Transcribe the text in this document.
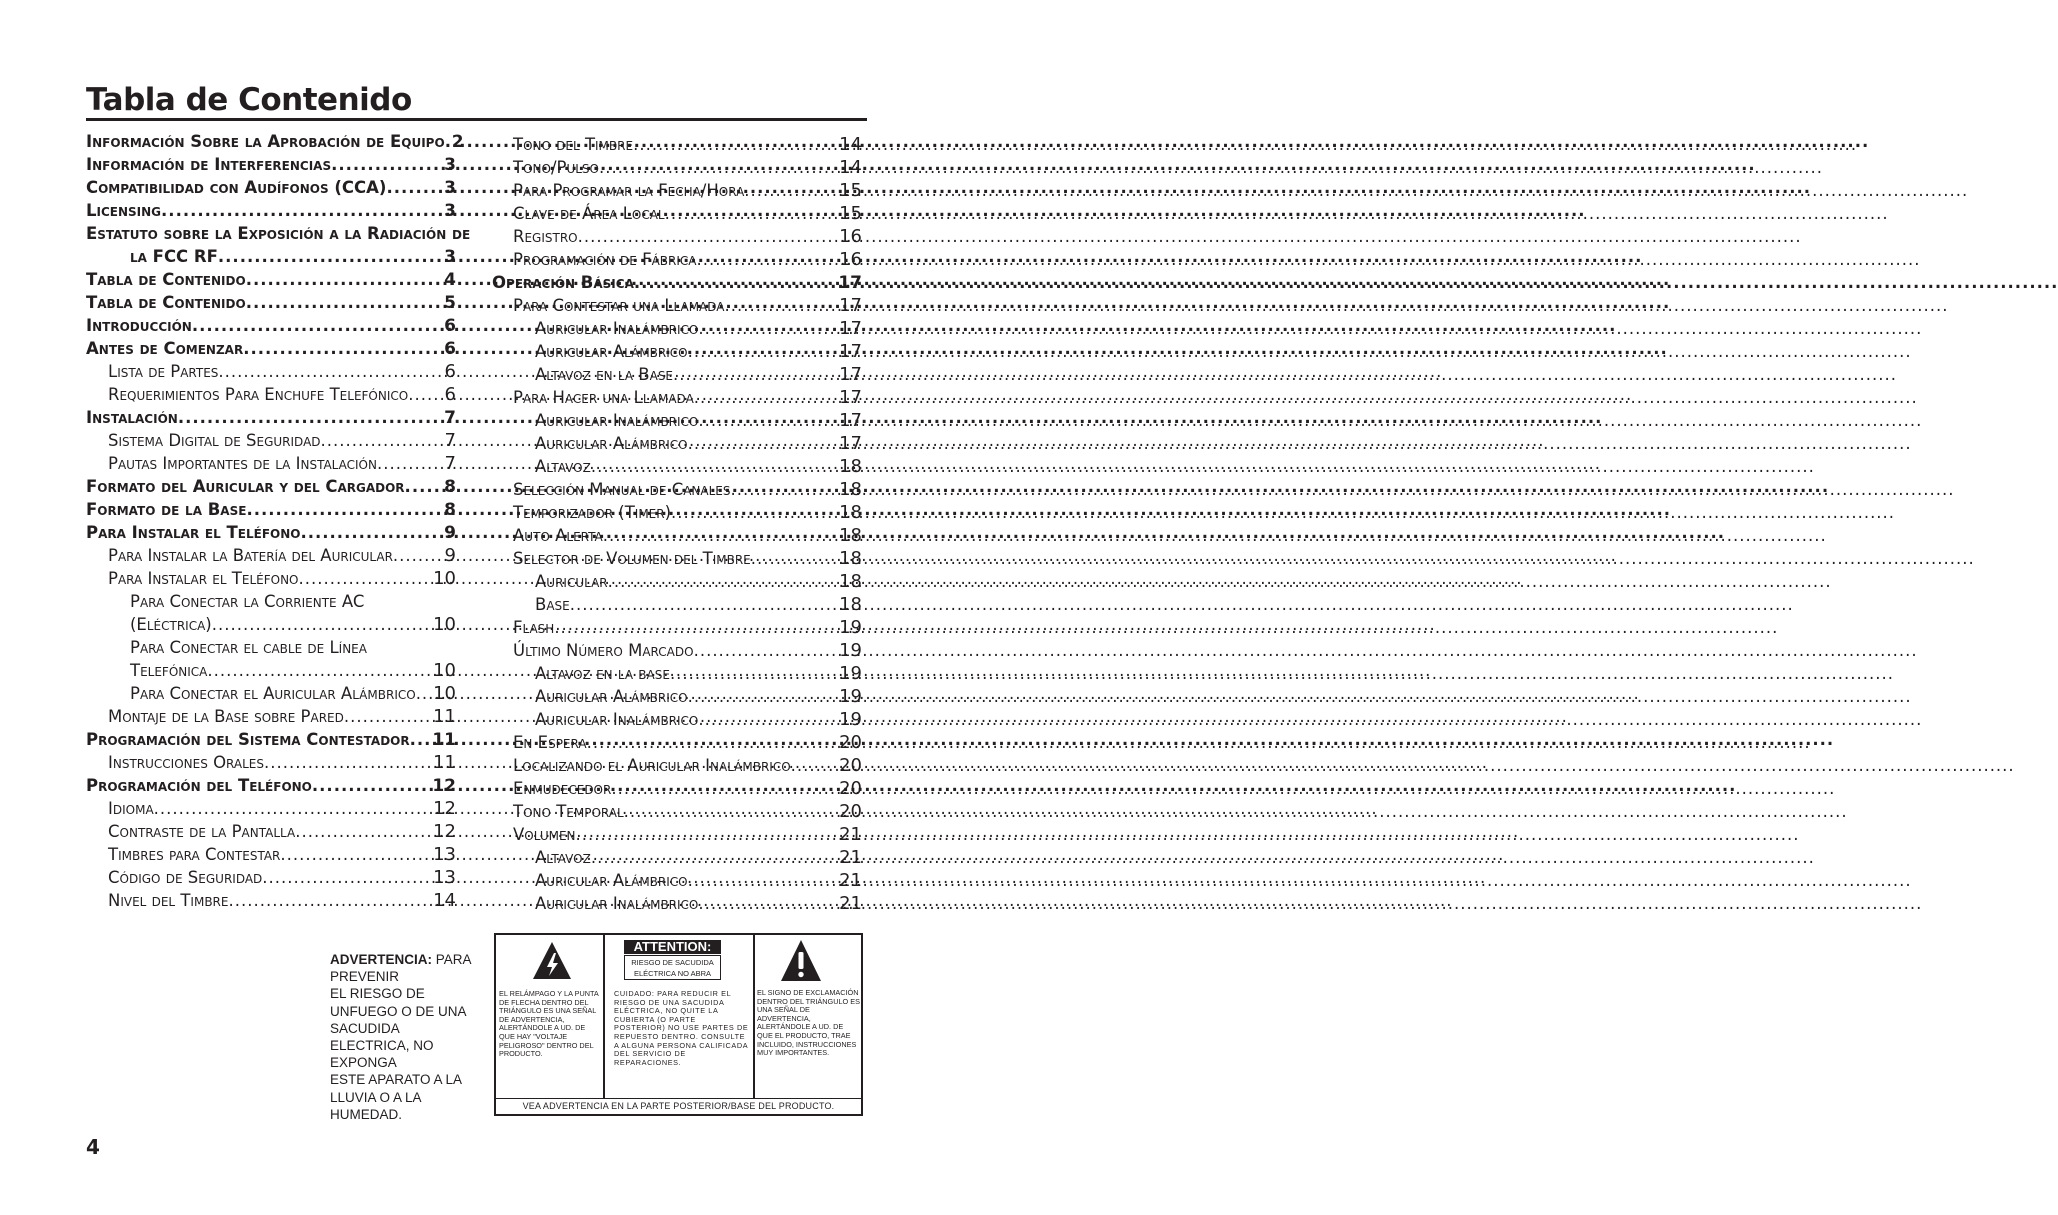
Tabla de Contenido
Información Sobre la Aprobación de Equipo ..... 2
Información de Interferencias .....	3
Compatibilidad con Audífonos (CCA) .....	3
Licensing .....	3
Estatuto sobre la Exposición a la Radiación de
la FCC RF .....	3
Tabla de Contenido .....	4
Tabla de Contenido .....	5
Introducción .....	6
Antes de Comenzar .....	6
Lista de Partes .....	6
Requerimientos Para Enchufe Telefónico ..... 6
Instalación .....	7
Sistema Digital de Seguridad .....	7
Pautas Importantes de la Instalación .....	7
Formato del Auricular y del Cargador ..... 8
Formato de la Base .....	8
Para Instalar el Teléfono .....	9
Para Instalar la Batería del Auricular .....	9
Para Instalar el Teléfono .....	10
Para Conectar la Corriente AC
(Eléctrica) .....	10
Para Conectar el cable de Línea
Telefónica .....	10
Para Conectar el Auricular Alámbrico ..... 10
Montaje de la Base sobre Pared .....	11
Programación del Sistema Contestador ..... 11
Instrucciones Orales .....	11
Programación del Teléfono .....	12
Idioma .....	12
Contraste de la Pantalla .....	12
Timbres para Contestar .....	13
Código de Seguridad .....	13
Nivel del Timbre .....	14
Tono del Timbre .....	14
Tono/Pulso .....	14
Para Programar la Fecha/Hora .....	15
Clave de Área Local .....	15
Registro .....	16
Programación de Fábrica .....	16
Operación Básica .....	17
Para Contestar una Llamada .....	17
Auricular Inalámbrico .....	17
Auricular Alámbrico .....	17
Altavoz en la Base .....	17
Para Hacer una Llamada .....	17
Auricular Inalámbrico .....	17
Auricular Alámbrico .....	17
Altavoz .....	18
Selección Manual de Canales .....	18
Temporizador (Timer) .....	18
Auto Alerta .....	18
Selector de Volumen del Timbre .....	18
Auricular .....	18
Base .....	18
Flash .....	19
Último Número Marcado .....	19
Altavoz en la base .....	19
Auricular Alámbrico .....	19
Auricular Inalámbrico .....	19
En Espera .....	20
Localizando el Auricular Inalámbrico .....	20
Enmudecedor .....	20
Tono Temporal .....	20
Volumen .....	21
Altavoz .....	21
Auricular Alámbrico .....	21
Auricular Inalámbrico .....	21
ADVERTENCIA: PARA
PREVENIR
EL RIESGO DE
UNFUEGO O DE UNA
SACUDIDA
ELECTRICA, NO
EXPONGA
ESTE APARATO A LA
LLUVIA O A LA
HUMEDAD.
ATTENTION:
RIESGO DE SACUDIDA ELÉCTRICA NO ABRA
EL RELÁMPAGO Y LA PUNTA DE FLECHA DENTRO DEL TRIÁNGULO ES UNA SEÑAL DE ADVERTENCIA, ALERTÁNDOLE A UD. DE QUE HAY "VOLTAJE PELIGROSO" DENTRO DEL PRODUCTO.
CUIDADO: PARA REDUCIR EL RIESGO DE UNA SACUDIDA ELÉCTRICA, NO QUITE LA CUBIERTA (O PARTE POSTERIOR) NO USE PARTES DE REPUESTO DENTRO. CONSULTE A ALGUNA PERSONA CALIFICADA DEL SERVICIO DE REPARACIONES.
EL SIGNO DE EXCLAMACIÓN DENTRO DEL TRIÁNGULO ES UNA SEÑAL DE ADVERTENCIA, ALERTÁNDOLE A UD. DE QUE EL PRODUCTO, TRAE INCLUIDO, INSTRUCCIONES MUY IMPORTANTES.
VEA ADVERTENCIA EN LA PARTE POSTERIOR/BASE DEL PRODUCTO.
4
